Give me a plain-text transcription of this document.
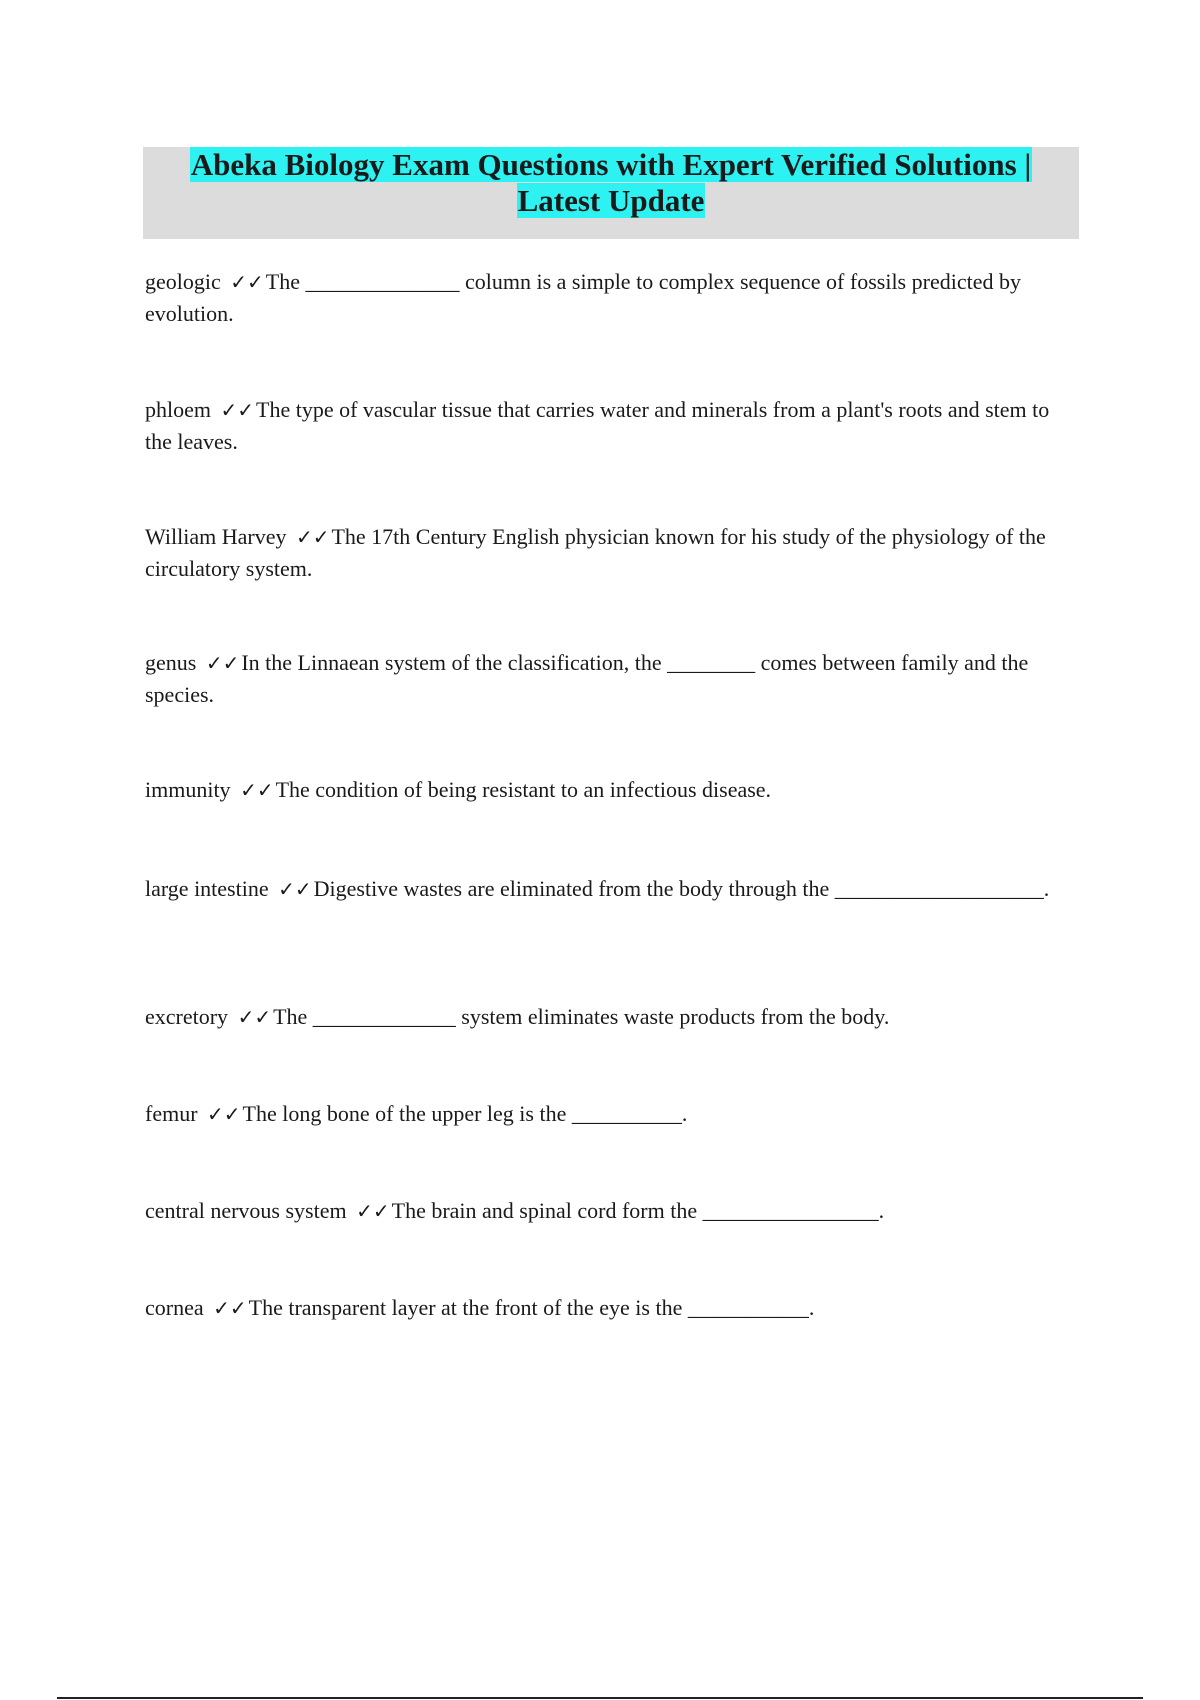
Abeka Biology Exam Questions with Expert Verified Solutions |
Latest Update
geologic ✓✓The ______________ column is a simple to complex sequence of fossils predicted by evolution.
phloem ✓✓The type of vascular tissue that carries water and minerals from a plant's roots and stem to the leaves.
William Harvey ✓✓The 17th Century English physician known for his study of the physiology of the circulatory system.
genus ✓✓In the Linnaean system of the classification, the ________ comes between family and the species.
immunity ✓✓The condition of being resistant to an infectious disease.
large intestine ✓✓Digestive wastes are eliminated from the body through the ___________________.
excretory ✓✓The _____________ system eliminates waste products from the body.
femur ✓✓The long bone of the upper leg is the __________.
central nervous system ✓✓The brain and spinal cord form the ________________.
cornea ✓✓The transparent layer at the front of the eye is the ___________.
